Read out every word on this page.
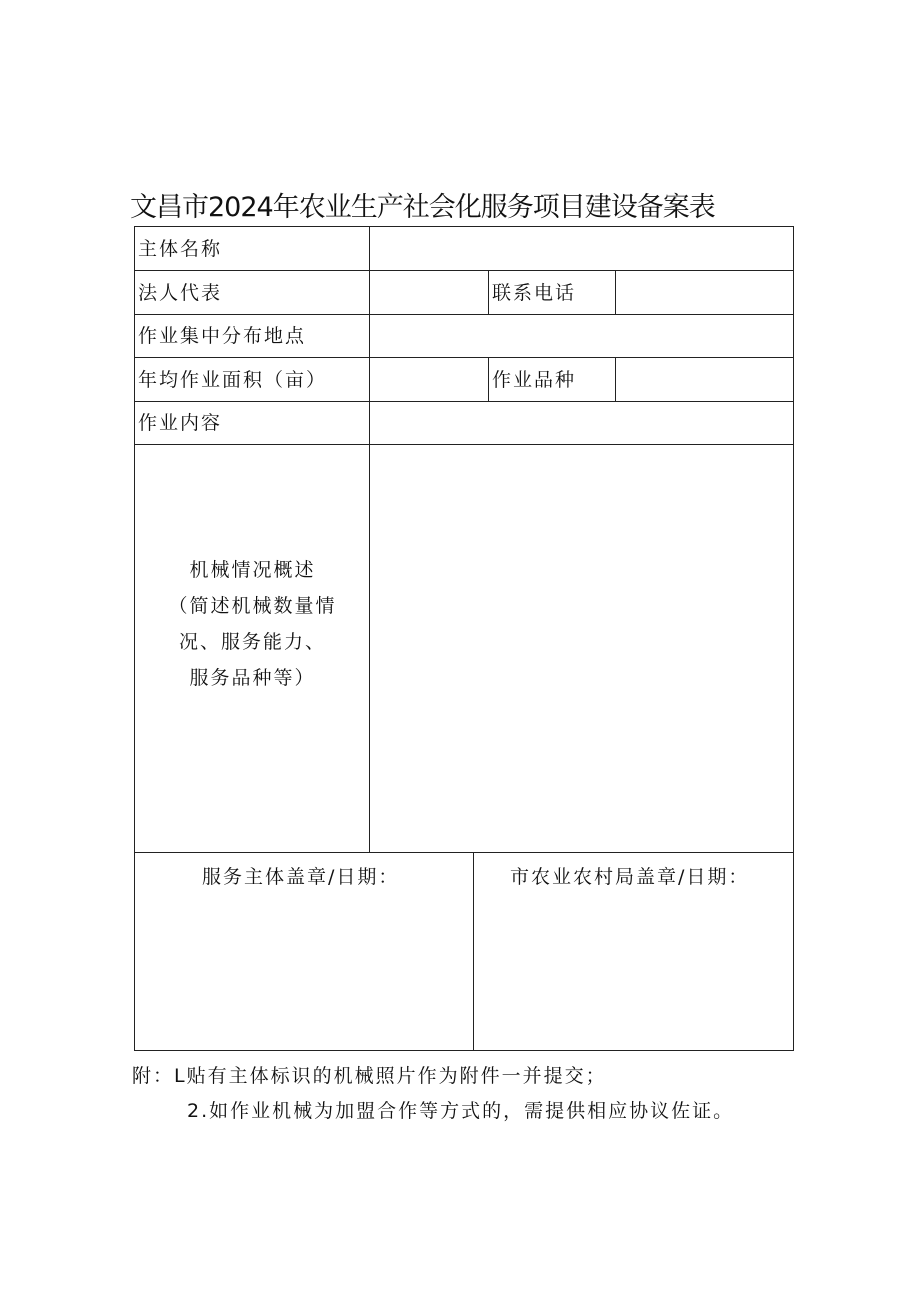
文昌市2024年农业生产社会化服务项目建设备案表
主体名称
法人代表	联系电话
作业集中分布地点
年均作业面积（亩）	作业品种
作业内容
机械情况概述
（简述机械数量情
况、服务能力、
服务品种等）
服务主体盖章/日期：	市农业农村局盖章/日期：
附：L贴有主体标识的机械照片作为附件一并提交；
2.如作业机械为加盟合作等方式的，需提供相应协议佐证。
